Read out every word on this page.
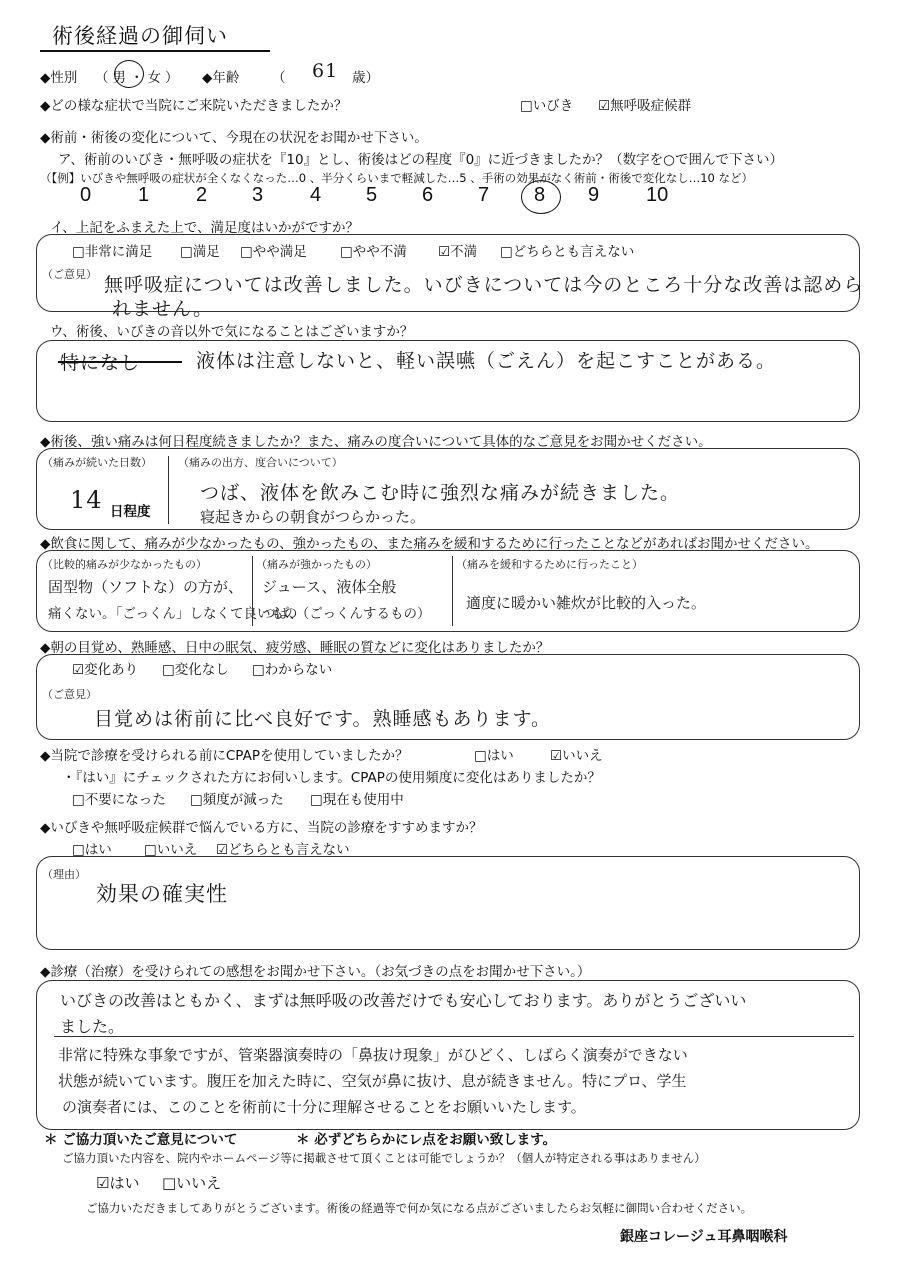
術後経過の御伺い
◆性別 （男・女） ◆年齢 （ 61 歳）
◆どの様な症状で当院にご来院いただきましたか？	□いびき ☑無呼吸症候群
◆術前・術後の変化について、今現在の状況をお聞かせ下さい。
ア、術前のいびき・無呼吸の症状を『10』とし、術後はどの程度『0』に近づきましたか？（数字を○で囲んで下さい）
（【例】いびきや無呼吸の症状が全くなくなった…0 、半分くらいまで軽減した…5 、手術の効果がなく術前・術後で変化なし…10 など）
0 1 2 3 4 5 6 7 8 9 10
イ、上記をふまえた上で、満足度はいかがですか？
□非常に満足 □満足 □やや満足 □やや不満 ☑不満 □どちらとも言えない
（ご意見） 無呼吸症については改善しました。いびきについては今のところ十分な改善は認めら
れません。
ウ、術後、いびきの音以外で気になることはございますか？
特になし	液体は注意しないと、軽い誤嚥（ごえん）を起こすことがある。
◆術後、強い痛みは何日程度続きましたか？また、痛みの度合いについて具体的なご意見をお聞かせください。
（痛みが続いた日数）
14 日程度
（痛みの出方、度合いについて）
つば、液体を飲みこむ時に強烈な痛みが続きました。
寝起きからの朝食がつらかった。
◆飲食に関して、痛みが少なかったもの、強かったもの、また痛みを緩和するために行ったことなどがあればお聞かせください。
（比較的痛みが少なかったもの）
固型物（ソフトな）の方が、
痛くない。「ごっくん」しなくて良いもの
（痛みが強かったもの）
ジュース、液体全般
つば、（ごっくんするもの）
（痛みを緩和するために行ったこと）
適度に暖かい雑炊が比較的入った。
◆朝の目覚め、熟睡感、日中の眠気、疲労感、睡眠の質などに変化はありましたか？
☑変化あり □変化なし □わからない
（ご意見）
目覚めは術前に比べ良好です。熟睡感もあります。
◆当院で診療を受けられる前にCPAPを使用していましたか？	□はい	☑いいえ
・『はい』にチェックされた方にお伺いします。CPAPの使用頻度に変化はありましたか？
□不要になった □頻度が減った □現在も使用中
◆いびきや無呼吸症候群で悩んでいる方に、当院の診療をすすめますか？
□はい □いいえ ☑どちらとも言えない
（理由）
効果の確実性
◆診療（治療）を受けられての感想をお聞かせ下さい。（お気づきの点をお聞かせ下さい。）
いびきの改善はともかく、まずは無呼吸の改善だけでも安心しております。ありがとうございい
ました。
非常に特殊な事象ですが、管楽器演奏時の「鼻抜け現象」がひどく、しばらく演奏ができない
状態が続いています。腹圧を加えた時に、空気が鼻に抜け、息が続きません。特にプロ、学生
の演奏者には、このことを術前に十分に理解させることをお願いいたします。
＊ ご協力頂いたご意見について	＊ 必ずどちらかにレ点をお願い致します。
ご協力頂いた内容を、院内やホームページ等に掲載させて頂くことは可能でしょうか？（個人が特定される事はありません）
☑はい □いいえ
ご協力いただきましてありがとうございます。術後の経過等で何か気になる点がございましたらお気軽に御問い合わせください。
銀座コレージュ耳鼻咽喉科
